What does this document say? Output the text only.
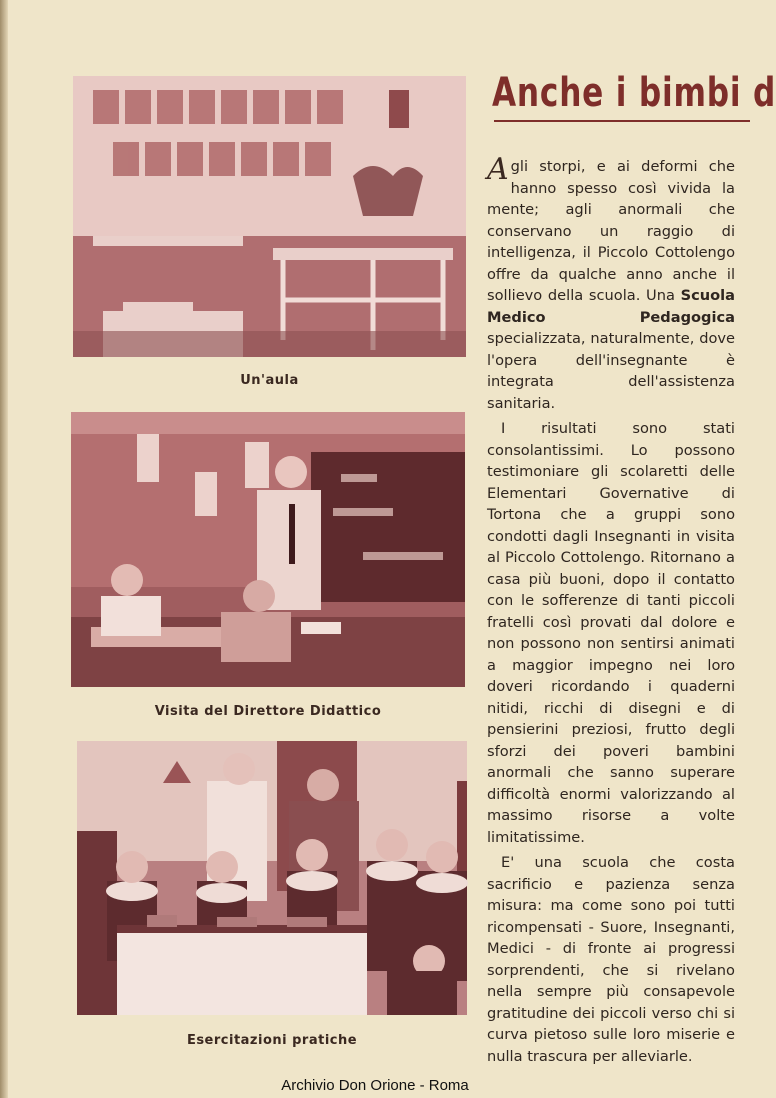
Un'aula
Visita del Direttore Didattico
Esercitazioni pratiche
Anche i bimbi d

Agli storpi, e ai deformi che hanno spesso così vivida la mente; agli anormali che conservano un raggio di intelligenza, il Piccolo Cottolengo offre da qualche anno anche il sollievo della scuola. Una Scuola Medico Pedagogica specializzata, naturalmente, dove l'opera dell'insegnante è integrata dell'assistenza sanitaria.

I risultati sono stati consolantissimi. Lo possono testimoniare gli scolaretti delle Elementari Governative di Tortona che a gruppi sono condotti dagli Insegnanti in visita al Piccolo Cottolengo. Ritornano a casa più buoni, dopo il contatto con le sofferenze di tanti piccoli fratelli così provati dal dolore e non possono non sentirsi animati a maggior impegno nei loro doveri ricordando i quaderni nitidi, ricchi di disegni e di pensierini preziosi, frutto degli sforzi dei poveri bambini anormali che sanno superare difficoltà enormi valorizzando al massimo risorse a volte limitatissime.

E' una scuola che costa sacrificio e pazienza senza misura: ma come sono poi tutti ricompensati - Suore, Insegnanti, Medici - di fronte ai progressi sorprendenti, che si rivelano nella sempre più consapevole gratitudine dei piccoli verso chi si curva pietoso sulle loro miserie e nulla trascura per alleviarle.

Archivio Don Orione - Roma
